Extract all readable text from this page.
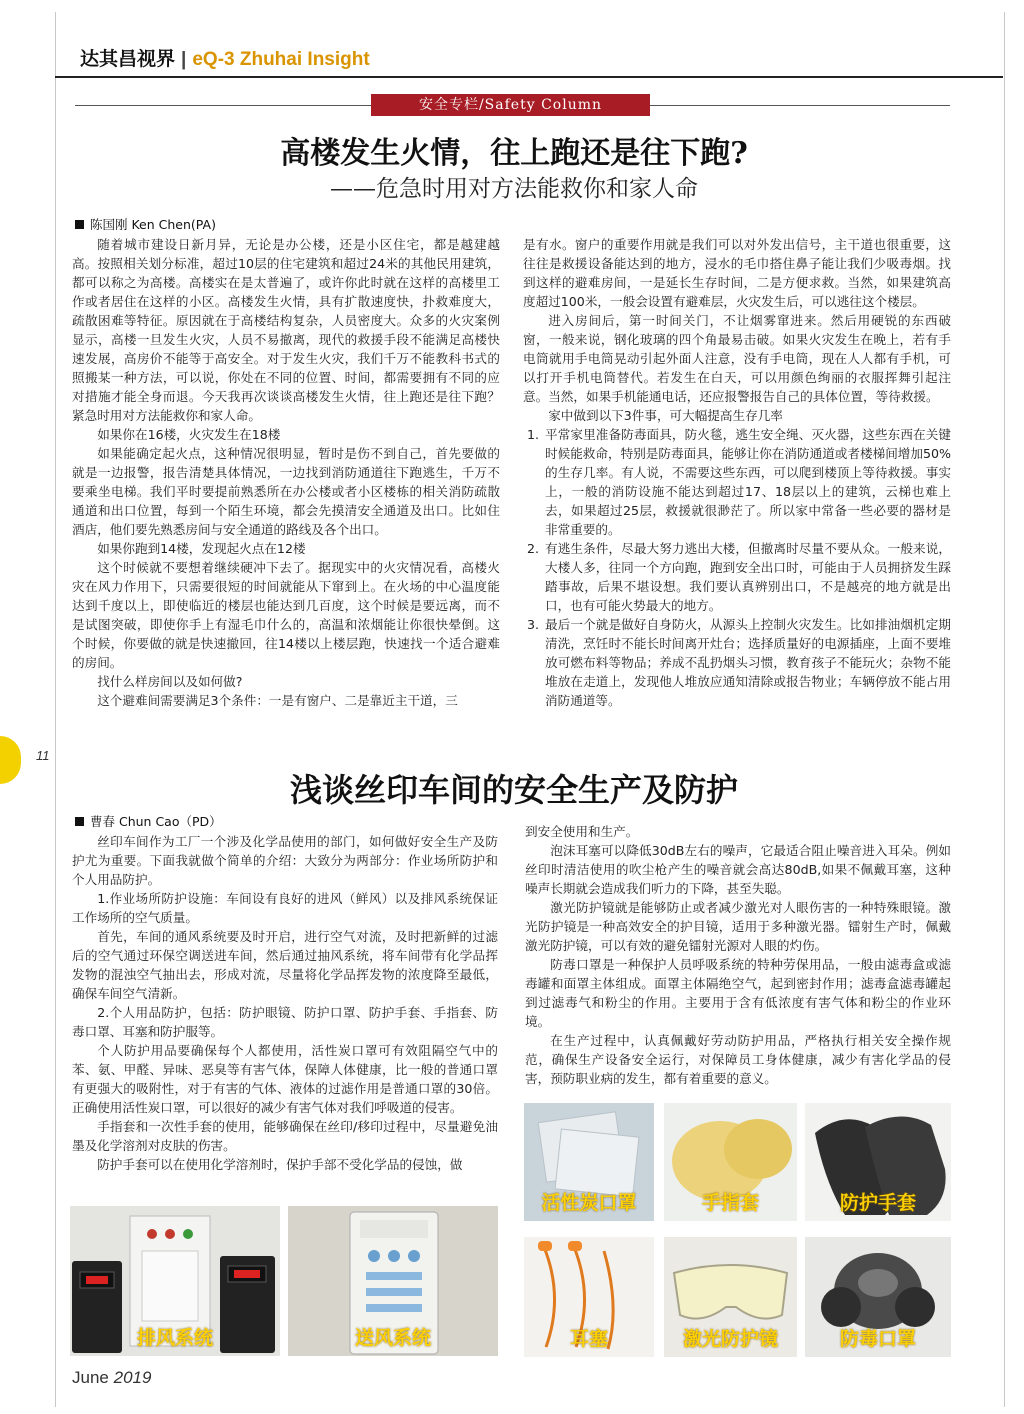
达其昌视界 | eQ-3 Zhuhai Insight
安全专栏/Safety Column
高楼发生火情，往上跑还是往下跑?
——危急时用对方法能救你和家人命
陈国刚 Ken Chen(PA)

随着城市建设日新月异，无论是办公楼，还是小区住宅，都是越建越高。按照相关划分标准，超过10层的住宅建筑和超过24米的其他民用建筑，都可以称之为高楼。高楼实在是太普遍了，或许你此时就在这样的高楼里工作或者居住在这样的小区。高楼发生火情，具有扩散速度快，扑救难度大，疏散困难等特征。原因就在于高楼结构复杂，人员密度大。众多的火灾案例显示，高楼一旦发生火灾，人员不易撤离，现代的救援手段不能满足高楼快速发展，高房价不能等于高安全。对于发生火灾，我们千万不能教科书式的照搬某一种方法，可以说，你处在不同的位置、时间，都需要拥有不同的应对措施才能全身而退。今天我再次谈谈高楼发生火情，往上跑还是往下跑？紧急时用对方法能救你和家人命。

如果你在16楼，火灾发生在18楼

如果能确定起火点，这种情况很明显，暂时是伤不到自己，首先要做的就是一边报警，报告清楚具体情况，一边找到消防通道往下跑逃生，千万不要乘坐电梯。我们平时要提前熟悉所在办公楼或者小区楼栋的相关消防疏散通道和出口位置，每到一个陌生环境，都会先摸清安全通道及出口。比如住酒店，他们要先熟悉房间与安全通道的路线及各个出口。

如果你跑到14楼，发现起火点在12楼

这个时候就不要想着继续硬冲下去了。据现实中的火灾情况看，高楼火灾在风力作用下，只需要很短的时间就能从下窜到上。在火场的中心温度能达到千度以上，即使临近的楼层也能达到几百度，这个时候是要远离，而不是试图突破，即使你手上有湿毛巾什么的，高温和浓烟能让你很快晕倒。这个时候，你要做的就是快速撤回，往14楼以上楼层跑，快速找一个适合避难的房间。

找什么样房间以及如何做?

这个避难间需要满足3个条件：一是有窗户、二是靠近主干道，三

是有水。窗户的重要作用就是我们可以对外发出信号，主干道也很重要，这往往是救援设备能达到的地方，浸水的毛巾搭住鼻子能让我们少吸毒烟。找到这样的避难房间，一是延长生存时间，二是方便求救。当然，如果建筑高度超过100米，一般会设置有避难层，火灾发生后，可以逃往这个楼层。

进入房间后，第一时间关门，不让烟雾窜进来。然后用硬锐的东西破窗，一般来说，钢化玻璃的四个角最易击破。如果火灾发生在晚上，若有手电筒就用手电筒晃动引起外面人注意，没有手电筒，现在人人都有手机，可以打开手机电筒替代。若发生在白天，可以用颜色绚丽的衣服挥舞引起注意。当然，如果手机能通电话，还应报警报告自己的具体位置，等待救援。

家中做到以下3件事，可大幅提高生存几率

1. 平常家里准备防毒面具，防火毯，逃生安全绳、灭火器，这些东西在关键时候能救命，特别是防毒面具，能够让你在消防通道或者楼梯间增加50%的生存几率。有人说，不需要这些东西，可以爬到楼顶上等待救援。事实上，一般的消防设施不能达到超过17、18层以上的建筑，云梯也难上去，如果超过25层，救援就很渺茫了。所以家中常备一些必要的器材是非常重要的。
2. 有逃生条件，尽最大努力逃出大楼，但撤离时尽量不要从众。一般来说，大楼人多，往同一个方向跑，跑到安全出口时，可能由于人员拥挤发生踩踏事故，后果不堪设想。我们要认真辨别出口，不是越亮的地方就是出口，也有可能火势最大的地方。
3. 最后一个就是做好自身防火，从源头上控制火灾发生。比如排油烟机定期清洗，烹饪时不能长时间离开灶台；选择质量好的电源插座，上面不要堆放可燃布料等物品；养成不乱扔烟头习惯，教育孩子不能玩火；杂物不能堆放在走道上，发现他人堆放应通知清除或报告物业；车辆停放不能占用消防通道等。
11
浅谈丝印车间的安全生产及防护
曹春 Chun Cao（PD）

丝印车间作为工厂一个涉及化学品使用的部门，如何做好安全生产及防护尤为重要。下面我就做个简单的介绍：大致分为两部分：作业场所防护和个人用品防护。

1.作业场所防护设施：车间设有良好的进风（鲜风）以及排风系统保证工作场所的空气质量。

首先，车间的通风系统要及时开启，进行空气对流，及时把新鲜的过滤后的空气通过环保空调送进车间，然后通过抽风系统，将车间带有化学品挥发物的混浊空气抽出去，形成对流，尽量将化学品挥发物的浓度降至最低，确保车间空气清新。

2.个人用品防护，包括：防护眼镜、防护口罩、防护手套、手指套、防毒口罩、耳塞和防护服等。

个人防护用品要确保每个人都使用，活性炭口罩可有效阻隔空气中的苯、氨、甲醛、异味、恶臭等有害气体，保障人体健康，比一般的普通口罩有更强大的吸附性，对于有害的气体、液体的过滤作用是普通口罩的30倍。正确使用活性炭口罩，可以很好的减少有害气体对我们呼吸道的侵害。

手指套和一次性手套的使用，能够确保在丝印/移印过程中，尽量避免油墨及化学溶剂对皮肤的伤害。

防护手套可以在使用化学溶剂时，保护手部不受化学品的侵蚀，做

到安全使用和生产。

泡沫耳塞可以降低30dB左右的噪声，它最适合阻止噪音进入耳朵。例如丝印时清洁使用的吹尘枪产生的噪音就会高达80dB,如果不佩戴耳塞，这种噪声长期就会造成我们听力的下降，甚至失聪。

激光防护镜就是能够防止或者减少激光对人眼伤害的一种特殊眼镜。激光防护镜是一种高效安全的护目镜，适用于多种激光器。镭射生产时，佩戴激光防护镜，可以有效的避免镭射光源对人眼的灼伤。

防毒口罩是一种保护人员呼吸系统的特种劳保用品，一般由滤毒盒或滤毒罐和面罩主体组成。面罩主体隔绝空气，起到密封作用；滤毒盒滤毒罐起到过滤毒气和粉尘的作用。主要用于含有低浓度有害气体和粉尘的作业环境。

在生产过程中，认真佩戴好劳动防护用品，严格执行相关安全操作规范，确保生产设备安全运行，对保障员工身体健康，减少有害化学品的侵害，预防职业病的发生，都有着重要的意义。

排风系统	送风系统
活性炭口罩	手指套	防护手套
耳塞	激光防护镜	防毒口罩
June 2019
